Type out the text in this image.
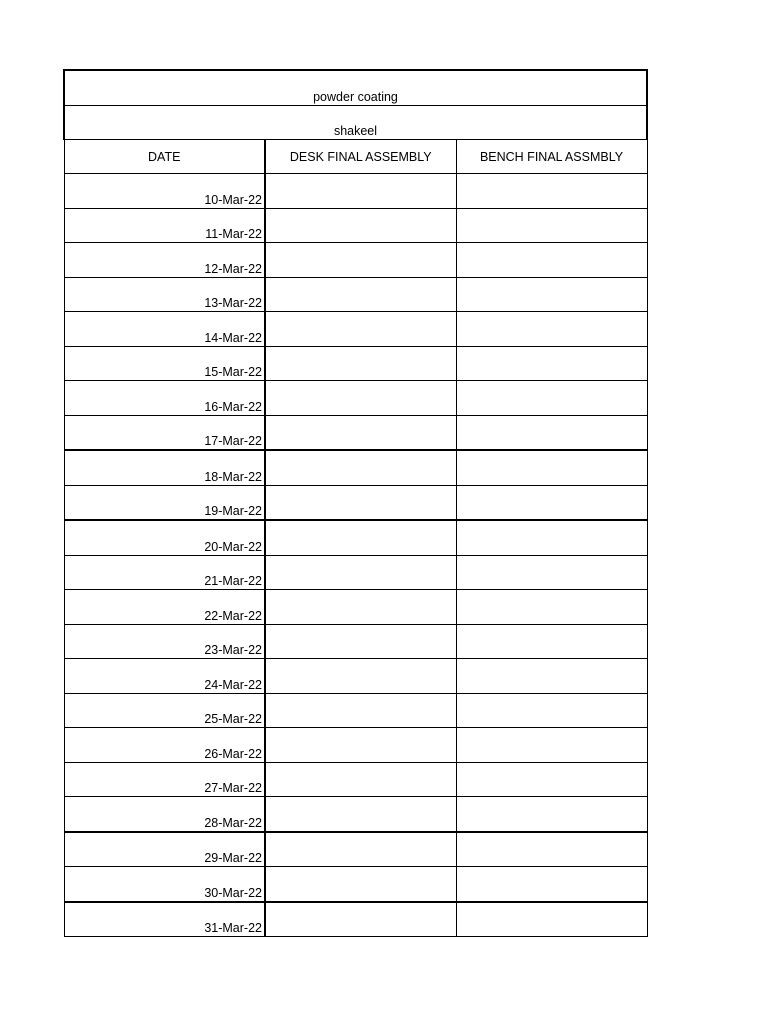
powder coating		
shakeel		
DATE	DESK FINAL ASSEMBLY	BENCH FINAL ASSMBLY
10-Mar-22		
11-Mar-22		
12-Mar-22		
13-Mar-22		
14-Mar-22		
15-Mar-22		
16-Mar-22		
17-Mar-22		
18-Mar-22		
19-Mar-22		
20-Mar-22		
21-Mar-22		
22-Mar-22		
23-Mar-22		
24-Mar-22		
25-Mar-22		
26-Mar-22		
27-Mar-22		
28-Mar-22		
29-Mar-22		
30-Mar-22		
31-Mar-22		
